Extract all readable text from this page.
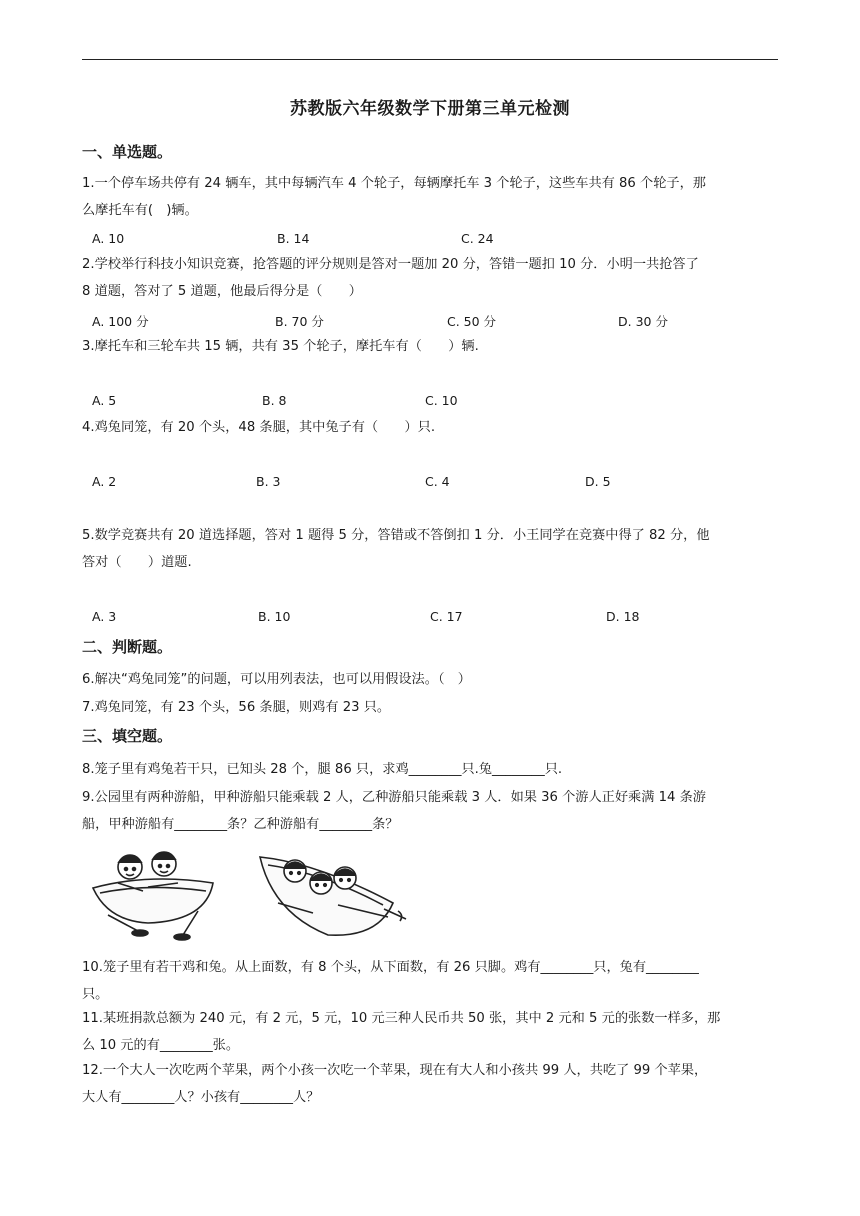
苏教版六年级数学下册第三单元检测
一、单选题。
1.一个停车场共停有 24 辆车，其中每辆汽车 4 个轮子，每辆摩托车 3 个轮子，这些车共有 86 个轮子，那
么摩托车有(　)辆。
A. 10	B. 14	C. 24
2.学校举行科技小知识竞赛，抢答题的评分规则是答对一题加 20 分，答错一题扣 10 分．小明一共抢答了
8 道题，答对了 5 道题，他最后得分是（　　）
A. 100 分	B. 70 分	C. 50 分	D. 30 分
3.摩托车和三轮车共 15 辆，共有 35 个轮子，摩托车有（　　）辆.
A. 5	B. 8	C. 10
4.鸡兔同笼，有 20 个头，48 条腿，其中兔子有（　　）只.
A. 2	B. 3	C. 4	D. 5
5.数学竞赛共有 20 道选择题，答对 1 题得 5 分，答错或不答倒扣 1 分．小王同学在竞赛中得了 82 分，他
答对（　　）道题.
A. 3	B. 10	C. 17	D. 18
二、判断题。
6.解决“鸡兔同笼”的问题，可以用列表法，也可以用假设法。（　）
7.鸡兔同笼，有 23 个头，56 条腿，则鸡有 23 只。
三、填空题。
8.笼子里有鸡兔若干只，已知头 28 个，腿 86 只，求鸡________只.兔________只.
9.公园里有两种游船，甲种游船只能乘载 2 人，乙种游船只能乘载 3 人．如果 36 个游人正好乘满 14 条游
船，甲种游船有________条？乙种游船有________条？
10.笼子里有若干鸡和兔。从上面数，有 8 个头，从下面数，有 26 只脚。鸡有________只，兔有________
只。
11.某班捐款总额为 240 元，有 2 元，5 元，10 元三种人民币共 50 张，其中 2 元和 5 元的张数一样多，那
么 10 元的有________张。
12.一个大人一次吃两个苹果，两个小孩一次吃一个苹果，现在有大人和小孩共 99 人，共吃了 99 个苹果，
大人有________人？小孩有________人？
